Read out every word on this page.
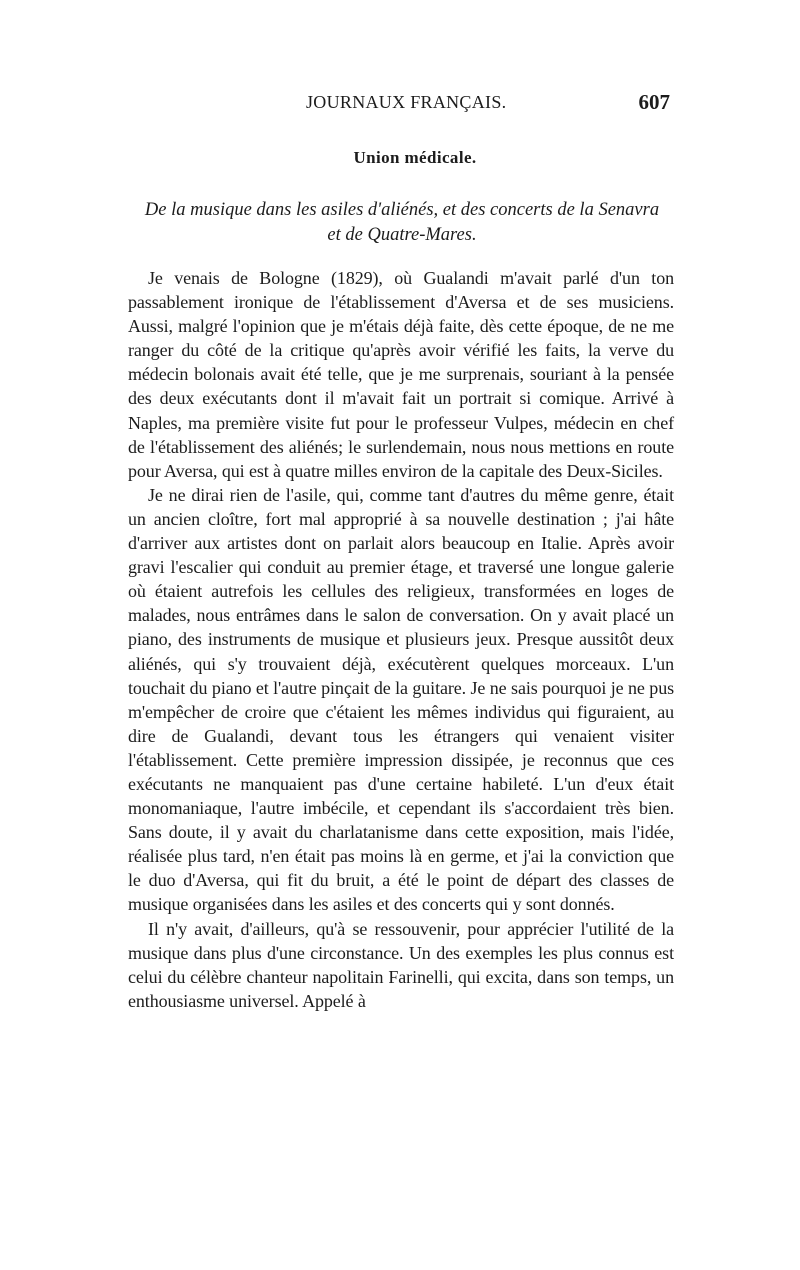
JOURNAUX FRANÇAIS.	607
Union médicale.
De la musique dans les asiles d'aliénés, et des concerts de la Senavra
et de Quatre-Mares.

Je venais de Bologne (1829), où Gualandi m'avait parlé d'un ton passablement ironique de l'établissement d'Aversa et de ses musiciens. Aussi, malgré l'opinion que je m'étais déjà faite, dès cette époque, de ne me ranger du côté de la critique qu'après avoir vérifié les faits, la verve du médecin bolonais avait été telle, que je me surprenais, souriant à la pensée des deux exécutants dont il m'avait fait un portrait si comique. Arrivé à Naples, ma première visite fut pour le professeur Vulpes, médecin en chef de l'établissement des aliénés; le surlendemain, nous nous mettions en route pour Aversa, qui est à quatre milles environ de la capitale des Deux-Siciles.

Je ne dirai rien de l'asile, qui, comme tant d'autres du même genre, était un ancien cloître, fort mal approprié à sa nouvelle destination ; j'ai hâte d'arriver aux artistes dont on parlait alors beaucoup en Italie. Après avoir gravi l'escalier qui conduit au premier étage, et traversé une longue galerie où étaient autrefois les cellules des religieux, transformées en loges de malades, nous entrâmes dans le salon de conversation. On y avait placé un piano, des instruments de musique et plusieurs jeux. Presque aussitôt deux aliénés, qui s'y trouvaient déjà, exécutèrent quelques morceaux. L'un touchait du piano et l'autre pinçait de la guitare. Je ne sais pourquoi je ne pus m'empêcher de croire que c'étaient les mêmes individus qui figuraient, au dire de Gualandi, devant tous les étrangers qui venaient visiter l'établissement. Cette première impression dissipée, je reconnus que ces exécutants ne manquaient pas d'une certaine habileté. L'un d'eux était monomaniaque, l'autre imbécile, et cependant ils s'accordaient très bien. Sans doute, il y avait du charlatanisme dans cette exposition, mais l'idée, réalisée plus tard, n'en était pas moins là en germe, et j'ai la conviction que le duo d'Aversa, qui fit du bruit, a été le point de départ des classes de musique organisées dans les asiles et des concerts qui y sont donnés.

Il n'y avait, d'ailleurs, qu'à se ressouvenir, pour apprécier l'utilité de la musique dans plus d'une circonstance. Un des exemples les plus connus est celui du célèbre chanteur napolitain Farinelli, qui excita, dans son temps, un enthousiasme universel. Appelé à
